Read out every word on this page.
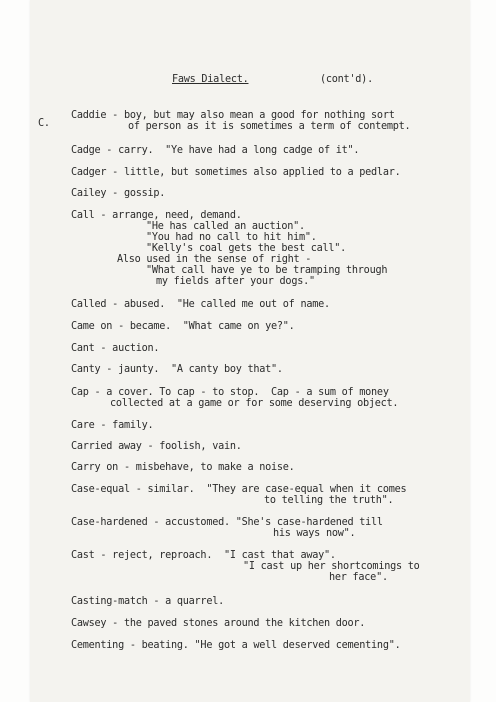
Faws Dialect.	(cont'd).
C.
Caddie - boy, but may also mean a good for nothing sort
of person as it is sometimes a term of contempt.
Cadge - carry.  "Ye have had a long cadge of it".
Cadger - little, but sometimes also applied to a pedlar.
Cailey - gossip.
Call - arrange, need, demand.
"He has called an auction".
"You had no call to hit him".
"Kelly's coal gets the best call".
Also used in the sense of right -
"What call have ye to be tramping through
my fields after your dogs."
Called - abused.  "He called me out of name.
Came on - became.  "What came on ye?".
Cant - auction.
Canty - jaunty.  "A canty boy that".
Cap - a cover. To cap - to stop.  Cap - a sum of money
collected at a game or for some deserving object.
Care - family.
Carried away - foolish, vain.
Carry on - misbehave, to make a noise.
Case-equal - similar.  "They are case-equal when it comes
to telling the truth".
Case-hardened - accustomed. "She's case-hardened till
his ways now".
Cast - reject, reproach.  "I cast that away".
"I cast up her shortcomings to
her face".
Casting-match - a quarrel.
Cawsey - the paved stones around the kitchen door.
Cementing - beating. "He got a well deserved cementing".
